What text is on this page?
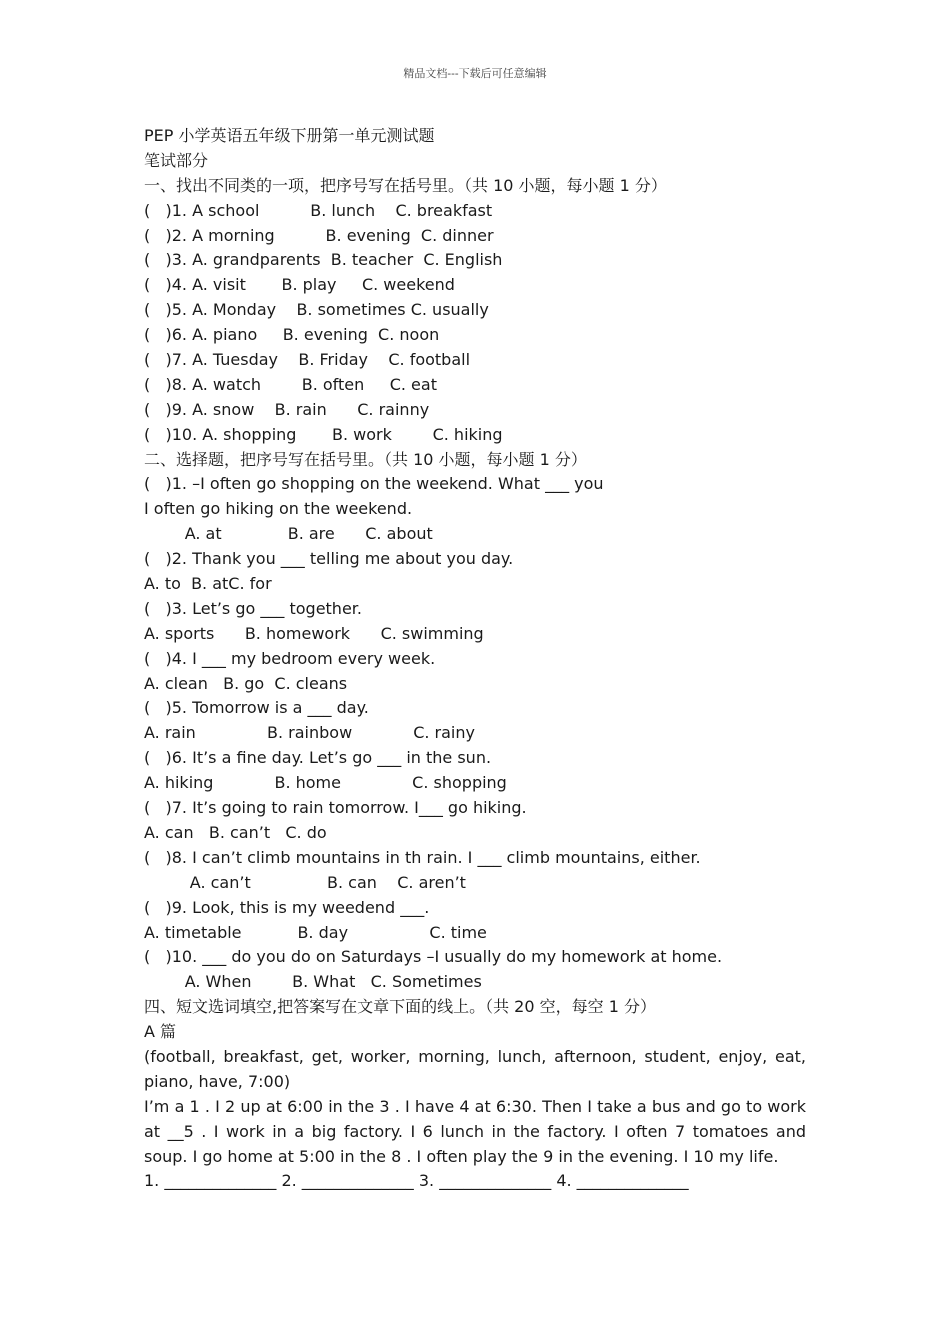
精品文档---下载后可任意编辑
PEP 小学英语五年级下册第一单元测试题
笔试部分
一、找出不同类的一项，把序号写在括号里。（共 10 小题，每小题 1 分）
(   )1. A school          B. lunch    C. breakfast
(   )2. A morning          B. evening  C. dinner
(   )3. A. grandparents  B. teacher  C. English
(   )4. A. visit       B. play     C. weekend
(   )5. A. Monday    B. sometimes C. usually
(   )6. A. piano     B. evening  C. noon
(   )7. A. Tuesday    B. Friday    C. football
(   )8. A. watch        B. often     C. eat
(   )9. A. snow    B. rain      C. rainny
(   )10. A. shopping       B. work        C. hiking
二、选择题，把序号写在括号里。（共 10 小题，每小题 1 分）
(   )1. –I often go shopping on the weekend. What ___ you
I often go hiking on the weekend.
A. at             B. are      C. about
(   )2. Thank you ___ telling me about you day.
A. to  B. atC. for
(   )3. Let’s go ___ together.
A. sports      B. homework      C. swimming
(   )4. I ___ my bedroom every week.
A. clean   B. go  C. cleans
(   )5. Tomorrow is a ___ day.
A. rain              B. rainbow            C. rainy
(   )6. It’s a fine day. Let’s go ___ in the sun.
A. hiking            B. home              C. shopping
(   )7. It’s going to rain tomorrow. I___ go hiking.
A. can   B. can’t   C. do
(   )8. I can’t climb mountains in th rain. I ___ climb mountains, either.
A. can’t               B. can    C. aren’t
(   )9. Look, this is my weedend ___.
A. timetable           B. day                C. time
(   )10. ___ do you do on Saturdays –I usually do my homework at home.
A. When        B. What   C. Sometimes
四、短文选词填空,把答案写在文章下面的线上。（共 20 空，每空 1 分）
A 篇
(football, breakfast, get, worker, morning, lunch, afternoon, student, enjoy, eat, piano, have, 7:00)
I’m a 1 . I 2 up at 6:00 in the 3 . I have 4 at 6:30. Then I take a bus and go to work at __5 . I work in a big factory. I 6 lunch in the factory. I often 7 tomatoes and soup. I go home at 5:00 in the 8 . I often play the 9 in the evening. I 10 my life.
1. ______________ 2. ______________ 3. ______________ 4. ______________
